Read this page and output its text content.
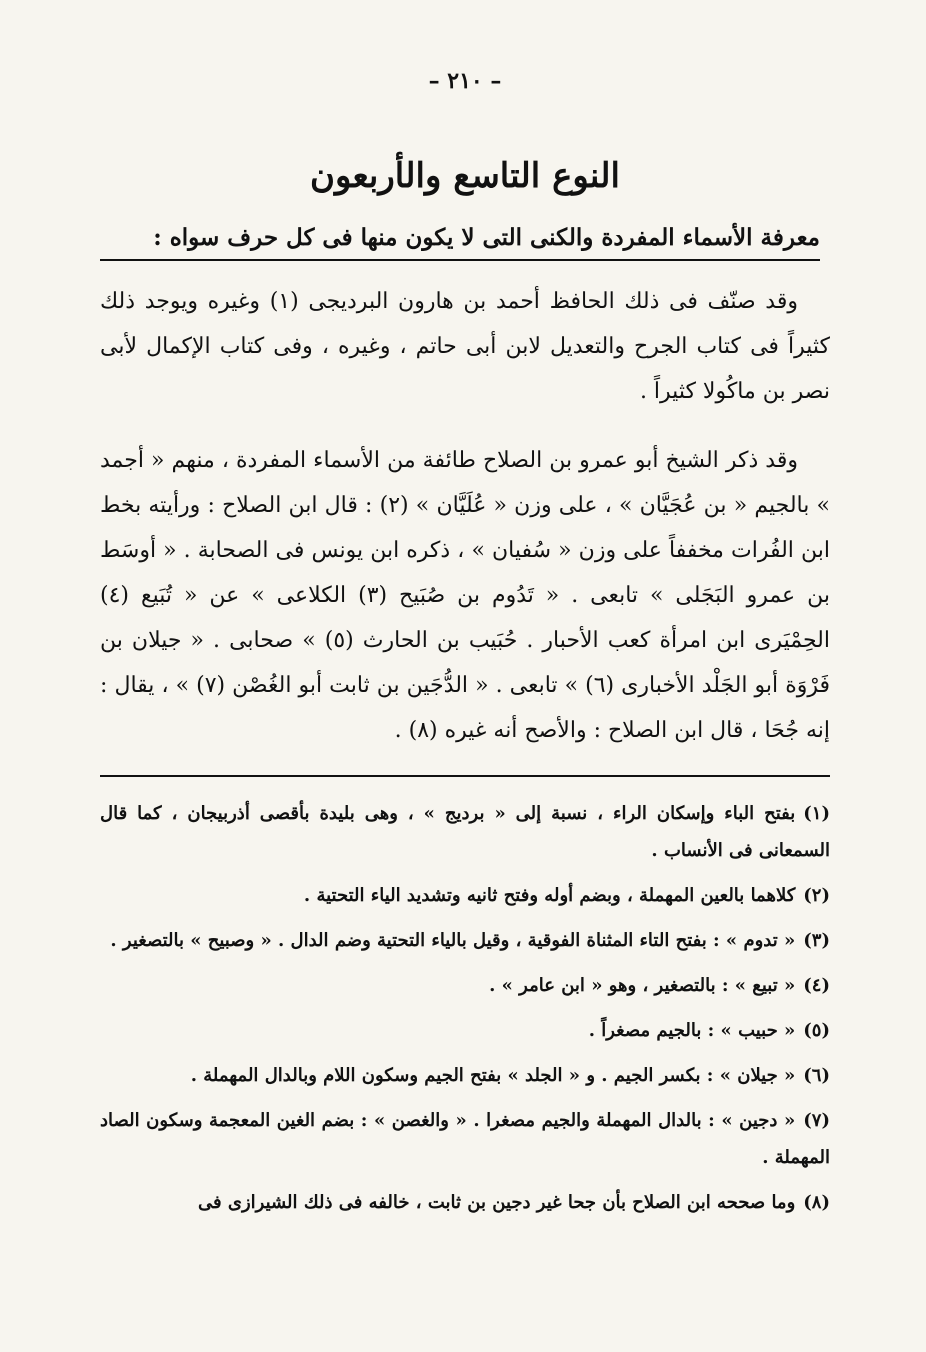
– ٢١٠ –
النوع التاسع والأربعون
معرفة الأسماء المفردة والكنى التى لا يكون منها فى كل حرف سواه :

وقد صنّف فى ذلك الحافظ أحمد بن هارون البرديجى (١) وغيره ويوجد ذلك كثيراً فى كتاب الجرح والتعديل لابن أبى حاتم ، وغيره ، وفى كتاب الإكمال لأبى نصر بن ماكُولا كثيراً .

وقد ذكر الشيخ أبو عمرو بن الصلاح طائفة من الأسماء المفردة ، منهم « أجمد » بالجيم « بن عُجَيَّان » ، على وزن « عُلَيَّان » (٢) : قال ابن الصلاح : ورأيته بخط ابن الفُرات مخففاً على وزن « سُفيان » ، ذكره ابن يونس فى الصحابة . « أوسَط بن عمرو البَجَلى » تابعى . « تَدُوم بن صُبَيح (٣) الكلاعى » عن « تُبَيع (٤) الحِمْيَرى ابن امرأة كعب الأحبار . حُبَيب بن الحارث (٥) » صحابى . « جيلان بن فَرْوَة أبو الجَلْد الأخبارى (٦) » تابعى . « الدُّجَين بن ثابت أبو الغُصْن (٧) » ، يقال : إنه جُحَا ، قال ابن الصلاح : والأصح أنه غيره (٨) .

(١)بفتح الباء وإسكان الراء ، نسبة إلى « برديج » ، وهى بليدة بأقصى أذربيجان ، كما قال السمعانى فى الأنساب .
(٢)كلاهما بالعين المهملة ، وبضم أوله وفتح ثانيه وتشديد الياء التحتية .
(٣)« تدوم » : بفتح التاء المثناة الفوقية ، وقيل بالياء التحتية وضم الدال . « وصبيح » بالتصغير .
(٤)« تبيع » : بالتصغير ، وهو « ابن عامر » .
(٥)« حبيب » : بالجيم مصغراً .
(٦)« جيلان » : بكسر الجيم . و « الجلد » بفتح الجيم وسكون اللام وبالدال المهملة .
(٧)« دجين » : بالدال المهملة والجيم مصغرا . « والغصن » : بضم الغين المعجمة وسكون الصاد المهملة .
(٨)وما صححه ابن الصلاح بأن جحا غير دجين بن ثابت ، خالفه فى ذلك الشيرازى فى
